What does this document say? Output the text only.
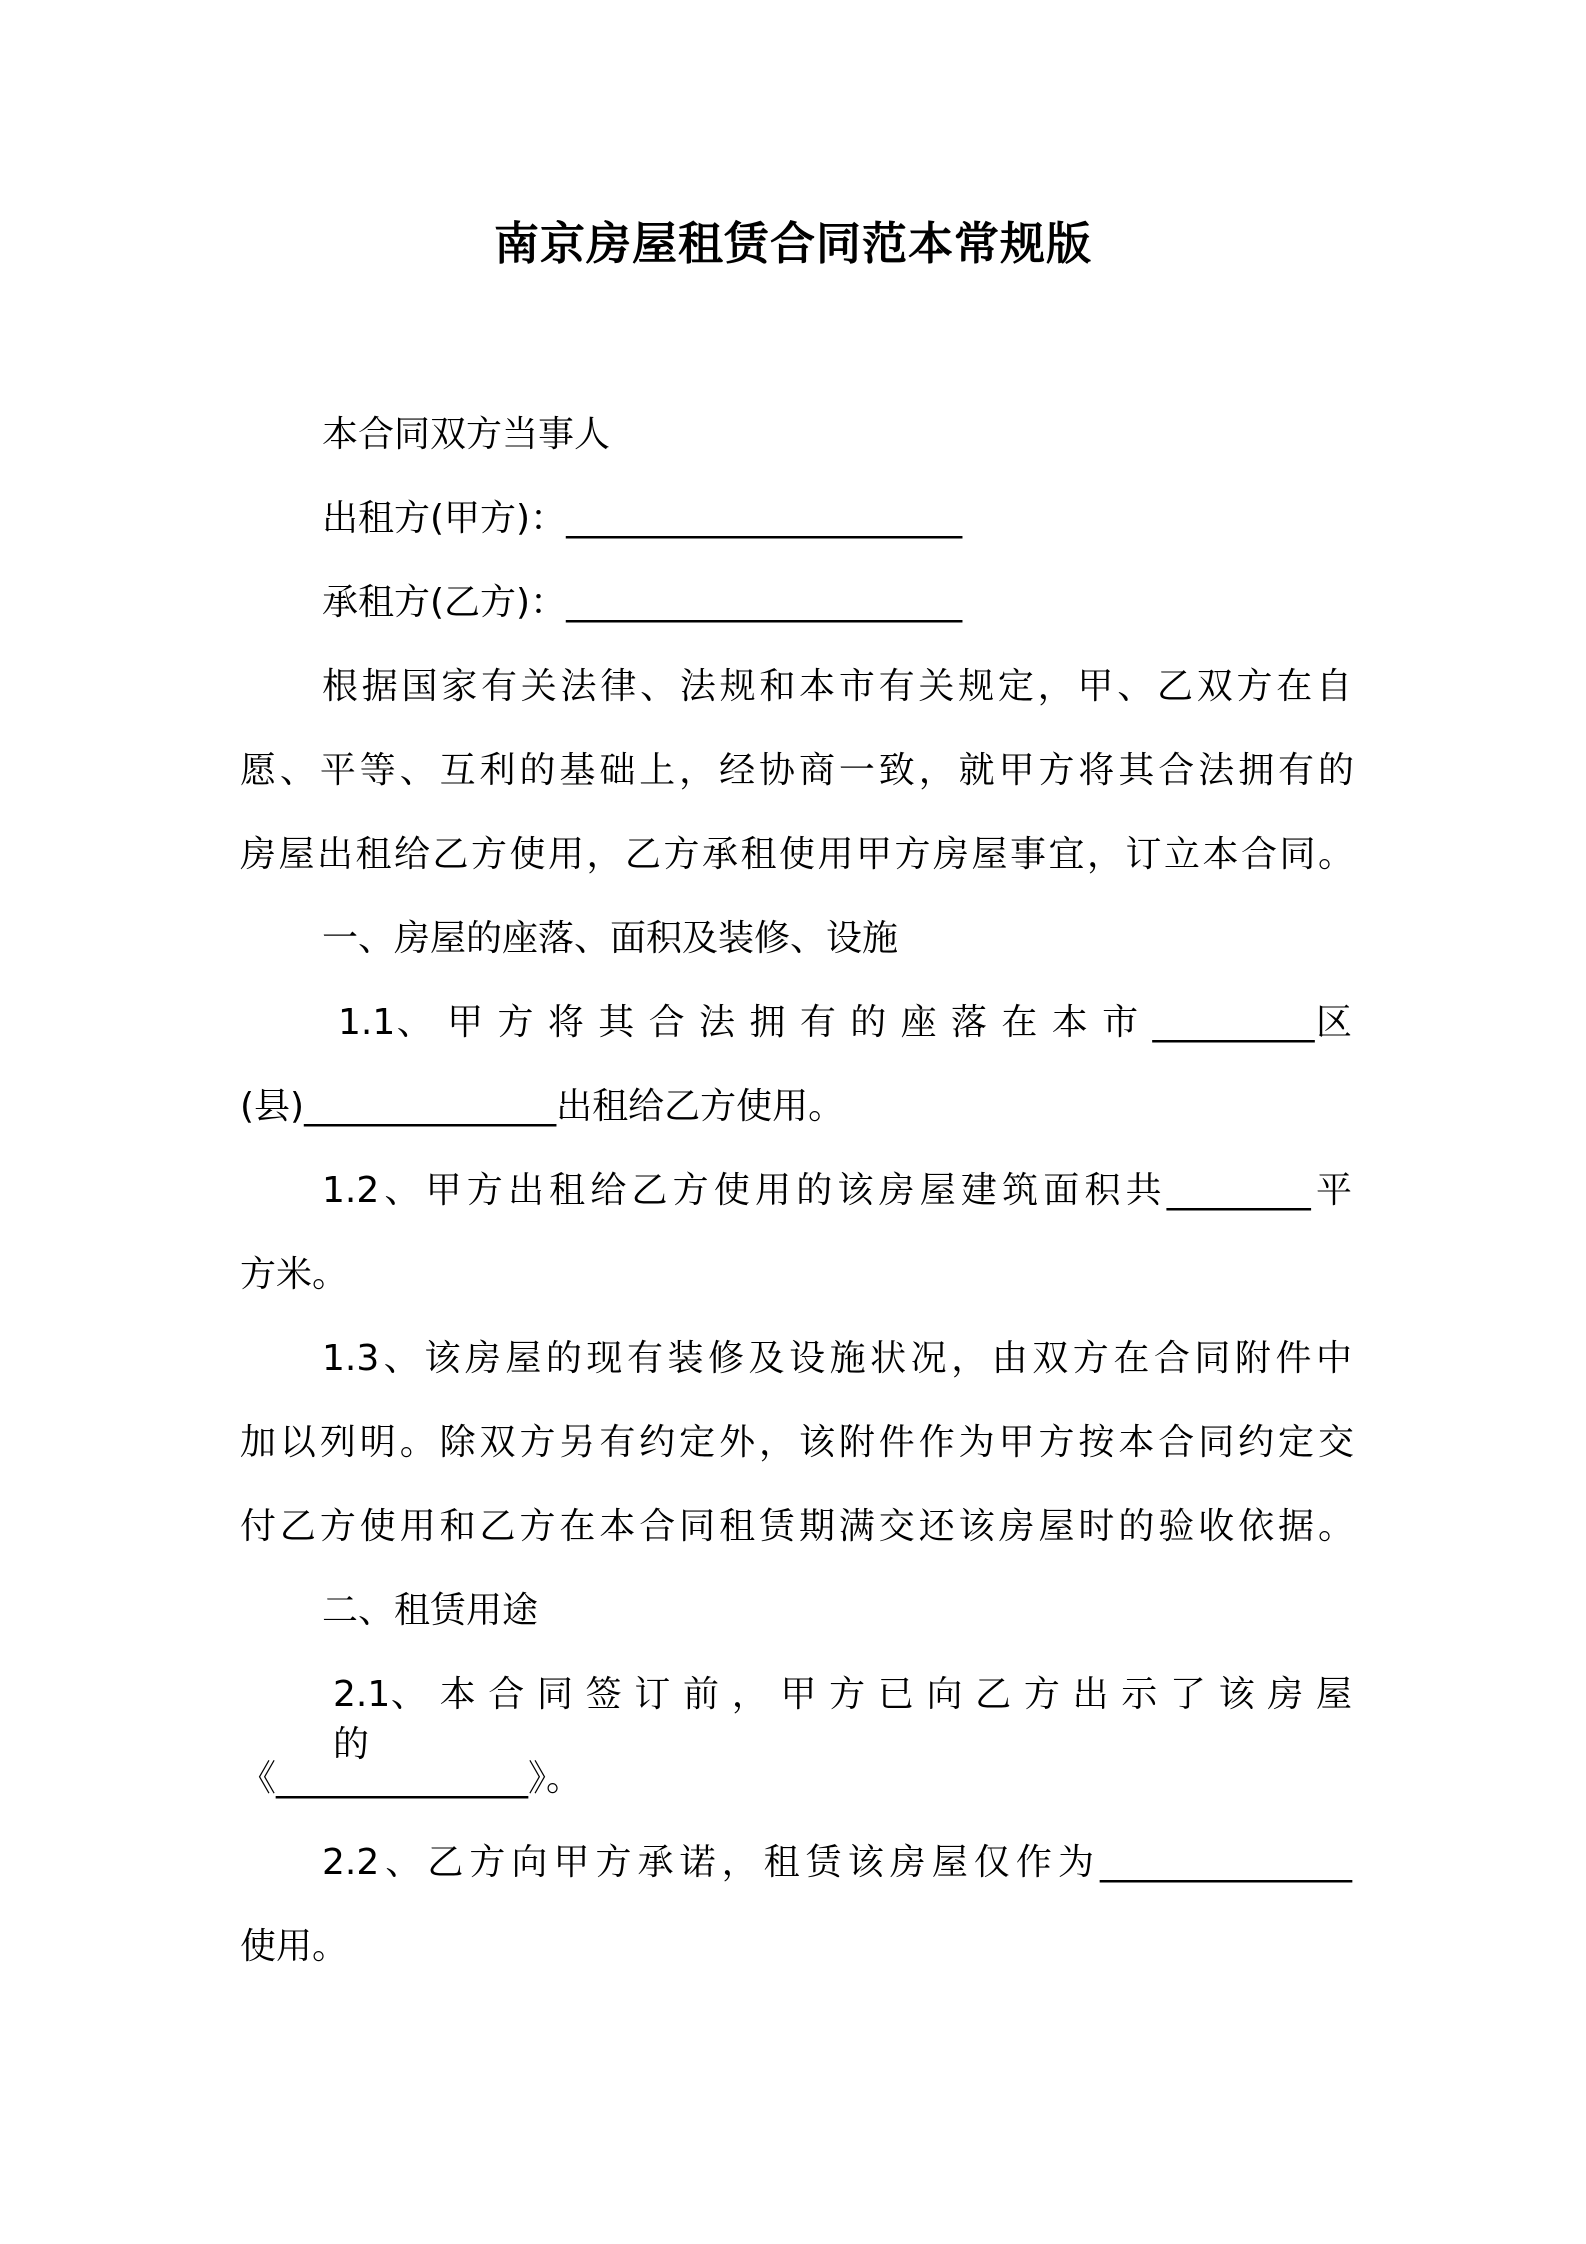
南京房屋租赁合同范本常规版
本合同双方当事人
出租方(甲方)：______________________
承租方(乙方)：______________________
根据国家有关法律、法规和本市有关规定，甲、乙双方在自
愿、平等、互利的基础上，经协商一致，就甲方将其合法拥有的
房屋出租给乙方使用，乙方承租使用甲方房屋事宜，订立本合同。
一、房屋的座落、面积及装修、设施
1.1、 甲 方 将 其 合 法 拥 有 的 座 落 在 本 市 _________区
(县)______________出租给乙方使用。
1.2、甲方出租给乙方使用的该房屋建筑面积共________平
方米。
1.3、该房屋的现有装修及设施状况，由双方在合同附件中
加以列明。除双方另有约定外，该附件作为甲方按本合同约定交
付乙方使用和乙方在本合同租赁期满交还该房屋时的验收依据。
二、租赁用途
2.1、 本 合 同 签 订 前 ， 甲 方 已 向 乙 方 出 示 了 该 房 屋 的
《______________》。
2.2、乙方向甲方承诺，租赁该房屋仅作为______________
使用。
